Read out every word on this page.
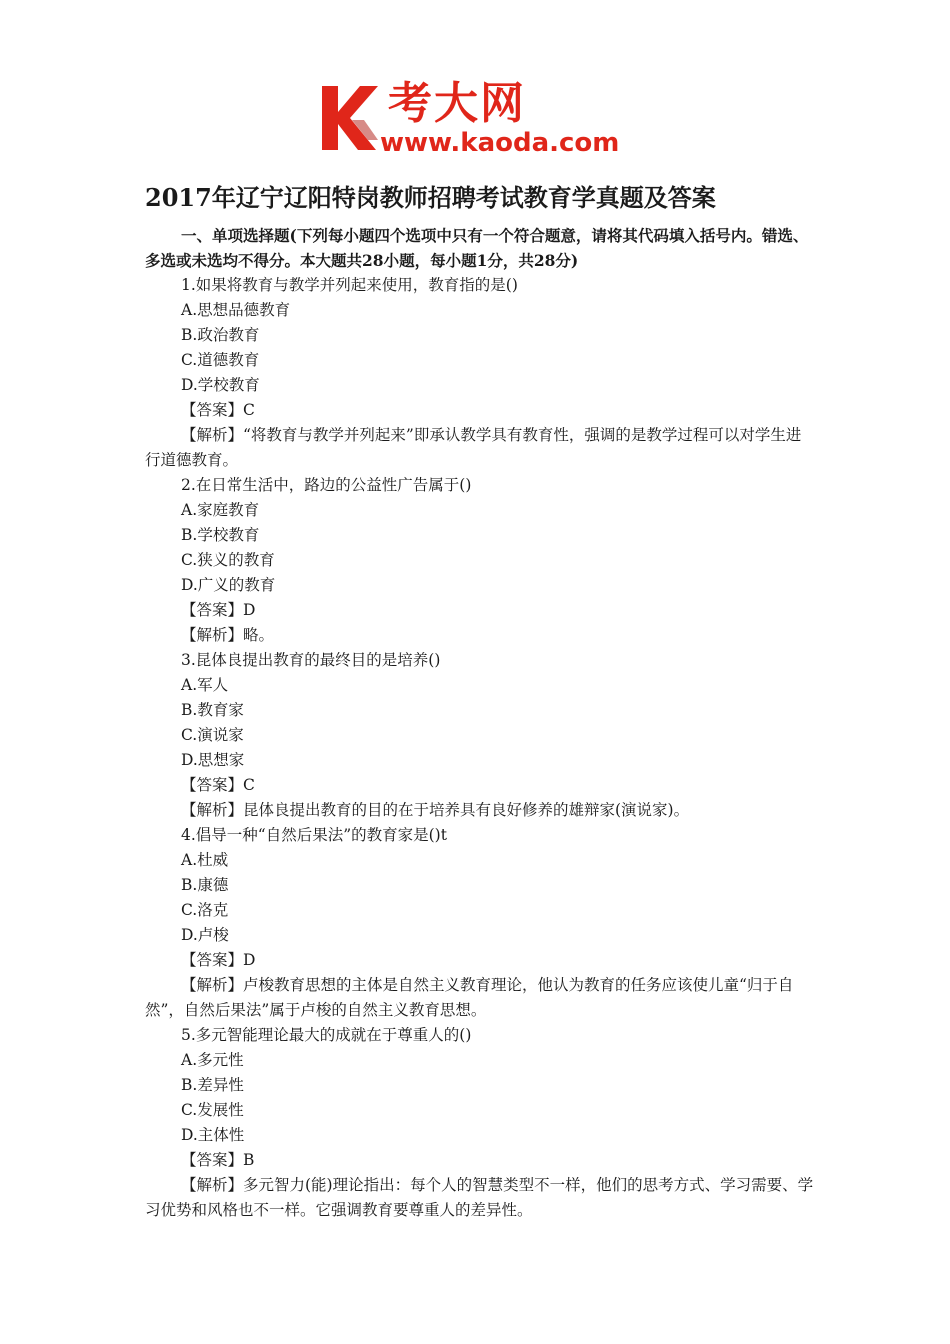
考大网
www.kaoda.com
2017年辽宁辽阳特岗教师招聘考试教育学真题及答案

一、单项选择题(下列每小题四个选项中只有一个符合题意，请将其代码填入括号内。错选、多选或未选均不得分。本大题共28小题，每小题1分，共28分)

1.如果将教育与教学并列起来使用，教育指的是()

A.思想品德教育

B.政治教育

C.道德教育

D.学校教育

【答案】C

【解析】“将教育与教学并列起来”即承认教学具有教育性，强调的是教学过程可以对学生进行道德教育。

2.在日常生活中，路边的公益性广告属于()

A.家庭教育

B.学校教育

C.狭义的教育

D.广义的教育

【答案】D

【解析】略。

3.昆体良提出教育的最终目的是培养()

A.军人

B.教育家

C.演说家

D.思想家

【答案】C

【解析】昆体良提出教育的目的在于培养具有良好修养的雄辩家(演说家)。

4.倡导一种“自然后果法”的教育家是()t

A.杜威

B.康德

C.洛克

D.卢梭

【答案】D

【解析】卢梭教育思想的主体是自然主义教育理论，他认为教育的任务应该使儿童“归于自然”，自然后果法”属于卢梭的自然主义教育思想。

5.多元智能理论最大的成就在于尊重人的()

A.多元性

B.差异性

C.发展性

D.主体性

【答案】B

【解析】多元智力(能)理论指出：每个人的智慧类型不一样，他们的思考方式、学习需要、学习优势和风格也不一样。它强调教育要尊重人的差异性。
